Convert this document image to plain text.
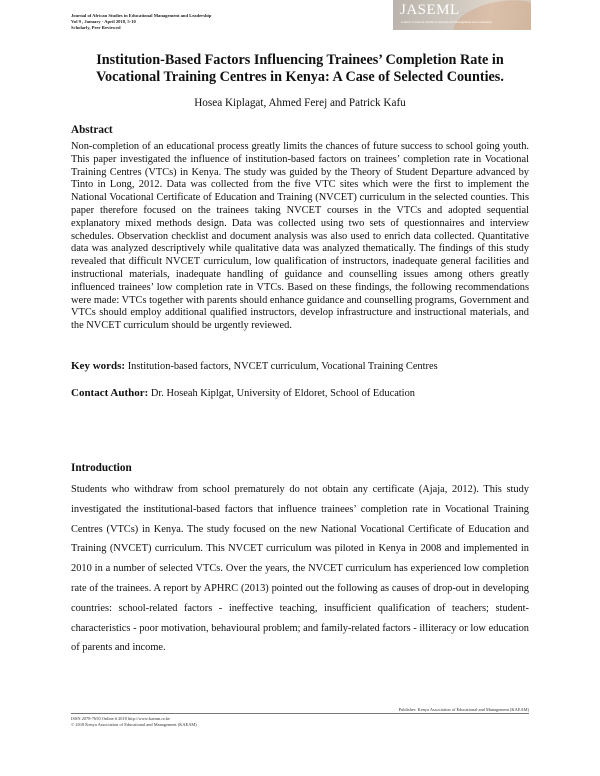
Journal of African Studies in Educational Management and Leadership
Vol 9 , January - April 2018, 5-10
Scholarly, Peer Reviewed
JASEML
Journal of African Studies in Educational Management and Leadership
Institution-Based Factors Influencing Trainees’ Completion Rate in Vocational Training Centres in Kenya: A Case of Selected Counties.
Hosea Kiplagat, Ahmed Ferej and Patrick Kafu
Abstract
Non-completion of an educational process greatly limits the chances of future success to school going youth. This paper investigated the influence of institution-based factors on trainees’ completion rate in Vocational Training Centres (VTCs) in Kenya. The study was guided by the Theory of Student Departure advanced by Tinto in Long, 2012. Data was collected from the five VTC sites which were the first to implement the National Vocational Certificate of Education and Training (NVCET) curriculum in the selected counties. This paper therefore focused on the trainees taking NVCET courses in the VTCs and adopted sequential explanatory mixed methods design. Data was collected using two sets of questionnaires and interview schedules. Observation checklist and document analysis was also used to enrich data collected. Quantitative data was analyzed descriptively while qualitative data was analyzed thematically. The findings of this study revealed that difficult NVCET curriculum, low qualification of instructors, inadequate general facilities and instructional materials, inadequate handling of guidance and counselling issues among others greatly influenced trainees’ low completion rate in VTCs. Based on these findings, the following recommendations were made: VTCs together with parents should enhance guidance and counselling programs, Government and VTCs should employ additional qualified instructors, develop infrastructure and instructional materials, and the NVCET curriculum should be urgently reviewed.
Key words: Institution-based factors, NVCET curriculum, Vocational Training Centres
Contact Author: Dr. Hoseah Kiplgat, University of Eldoret, School of Education
Introduction
Students who withdraw from school prematurely do not obtain any certificate (Ajaja, 2012). This study investigated the institutional-based factors that influence trainees’ completion rate in Vocational Training Centres (VTCs) in Kenya. The study focused on the new National Vocational Certificate of Education and Training (NVCET) curriculum. This NVCET curriculum was piloted in Kenya in 2008 and implemented in 2010 in a number of selected VTCs. Over the years, the NVCET curriculum has experienced low completion rate of the trainees. A report by APHRC (2013) pointed out the following as causes of drop-out in developing countries: school-related factors - ineffective teaching, insufficient qualification of teachers; student-characteristics - poor motivation, behavioural problem; and family-related factors - illiteracy or low education of parents and income.
Publisher: Kenya Association of Educational and Management (KAEAM)
ISSN 2078-7650 Online # 2018 http://www.kaeam.or.ke
© 2018 Kenya Association of Educational and Management (KAEAM)
